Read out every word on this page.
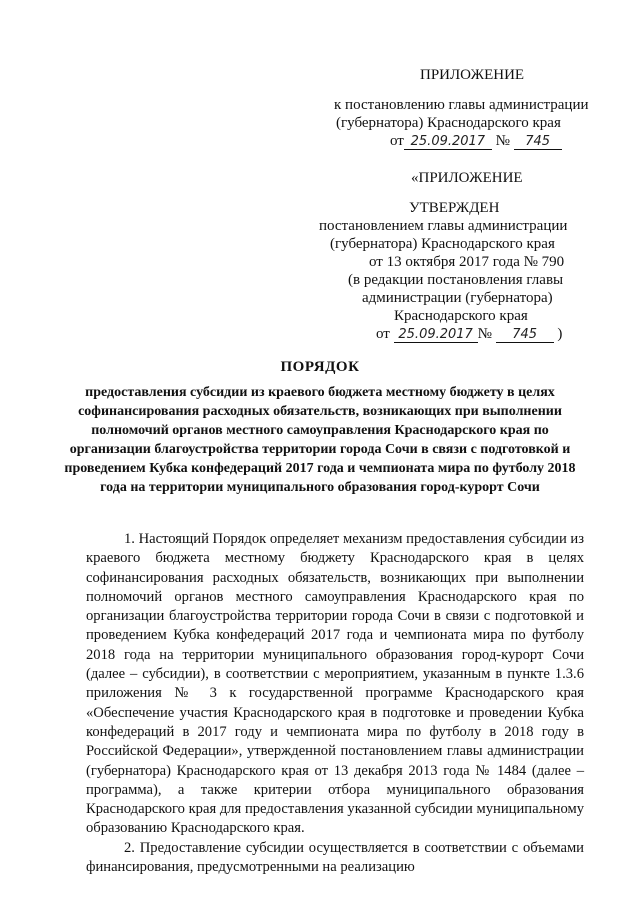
ПРИЛОЖЕНИЕ
к постановлению главы администрации
(губернатора) Краснодарского края
от 25.09.2017 № 745
«ПРИЛОЖЕНИЕ
УТВЕРЖДЕН
постановлением главы администрации
(губернатора) Краснодарского края
от 13 октября 2017 года № 790
(в редакции постановления главы
администрации (губернатора)
Краснодарского края
от 25.09.2017 № 745 )
ПОРЯДОК
предоставления субсидии из краевого бюджета местному бюджету в целях софинансирования расходных обязательств, возникающих при выполнении полномочий органов местного самоуправления Краснодарского края по организации благоустройства территории города Сочи в связи с подготовкой и проведением Кубка конфедераций 2017 года и чемпионата мира по футболу 2018 года на территории муниципального образования город-курорт Сочи

1. Настоящий Порядок определяет механизм предоставления субсидии из краевого бюджета местному бюджету Краснодарского края в целях софинансирования расходных обязательств, возникающих при выполнении полномочий органов местного самоуправления Краснодарского края по организации благоустройства территории города Сочи в связи с подготовкой и проведением Кубка конфедераций 2017 года и чемпионата мира по футболу 2018 года на территории муниципального образования город-курорт Сочи (далее – субсидии), в соответствии с мероприятием, указанным в пункте 1.3.6 приложения № 3 к государственной программе Краснодарского края «Обеспечение участия Краснодарского края в подготовке и проведении Кубка конфедераций в 2017 году и чемпионата мира по футболу в 2018 году в Российской Федерации», утвержденной постановлением главы администрации (губернатора) Краснодарского края от 13 декабря 2013 года № 1484 (далее – программа), а также критерии отбора муниципального образования Краснодарского края для предоставления указанной субсидии муниципальному образованию Краснодарского края.

2. Предоставление субсидии осуществляется в соответствии с объемами финансирования, предусмотренными на реализацию
